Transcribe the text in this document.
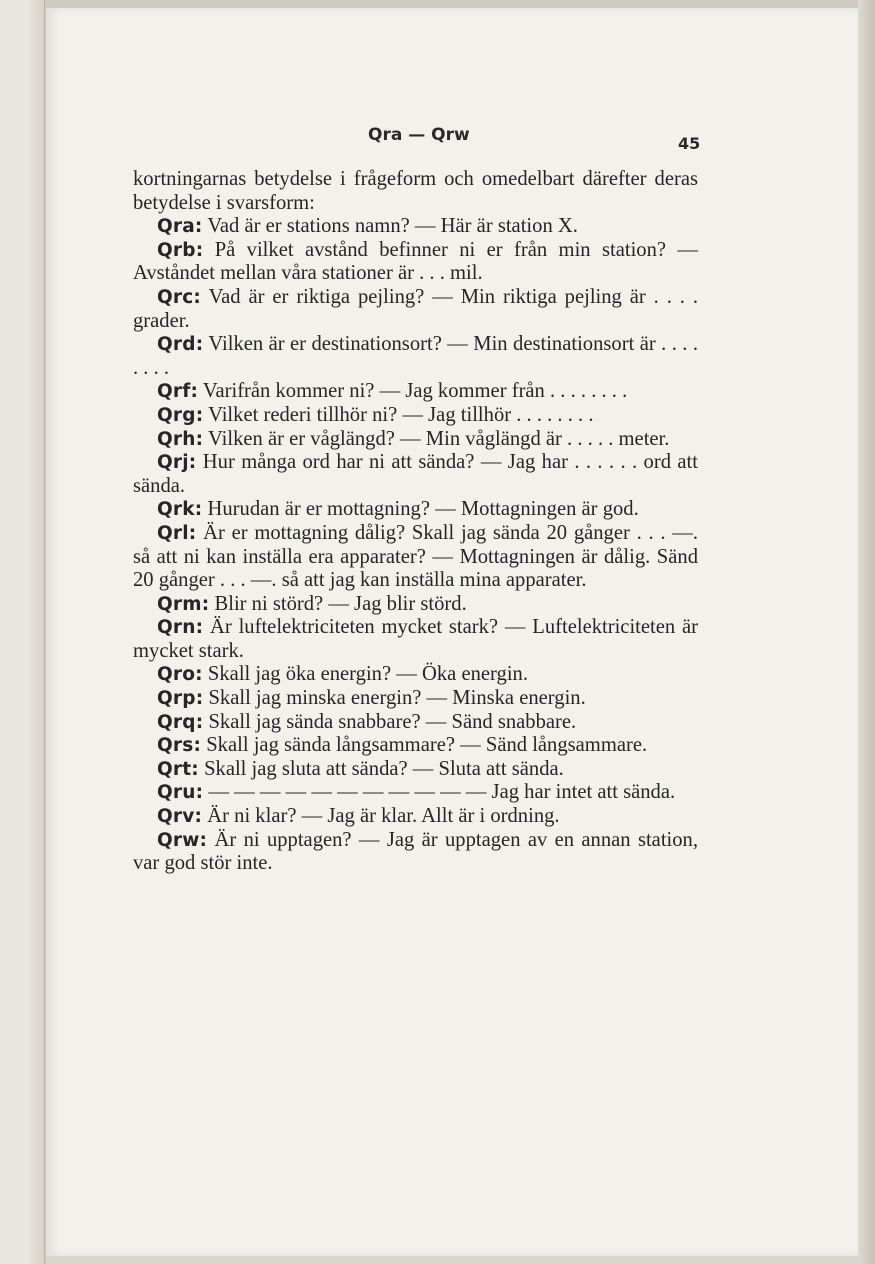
Qra — Qrw	45

kortningarnas betydelse i frågeform och omedelbart därefter deras betydelse i svarsform:

Qra: Vad är er stations namn? — Här är station X.

Qrb: På vilket avstånd befinner ni er från min station? — Avståndet mellan våra stationer är . . . mil.

Qrc: Vad är er riktiga pejling? — Min riktiga pejling är . . . . grader.

Qrd: Vilken är er destinationsort? — Min destinationsort är . . . . . . . .

Qrf: Varifrån kommer ni? — Jag kommer från . . . . . . . .

Qrg: Vilket rederi tillhör ni? — Jag tillhör . . . . . . . .

Qrh: Vilken är er våglängd? — Min våglängd är . . . . . meter.

Qrj: Hur många ord har ni att sända? — Jag har . . . . . . ord att sända.

Qrk: Hurudan är er mottagning? — Mottagningen är god.

Qrl: Är er mottagning dålig? Skall jag sända 20 gånger . . . —. så att ni kan inställa era apparater? — Mottagningen är dålig. Sänd 20 gånger . . . —. så att jag kan inställa mina apparater.

Qrm: Blir ni störd? — Jag blir störd.

Qrn: Är luftelektriciteten mycket stark? — Luftelektriciteten är mycket stark.

Qro: Skall jag öka energin? — Öka energin.

Qrp: Skall jag minska energin? — Minska energin.

Qrq: Skall jag sända snabbare? — Sänd snabbare.

Qrs: Skall jag sända långsammare? — Sänd långsammare.

Qrt: Skall jag sluta att sända? — Sluta att sända.

Qru: — — — — — — — — — — — Jag har intet att sända.

Qrv: Är ni klar? — Jag är klar. Allt är i ordning.

Qrw: Är ni upptagen? — Jag är upptagen av en annan station, var god stör inte.
